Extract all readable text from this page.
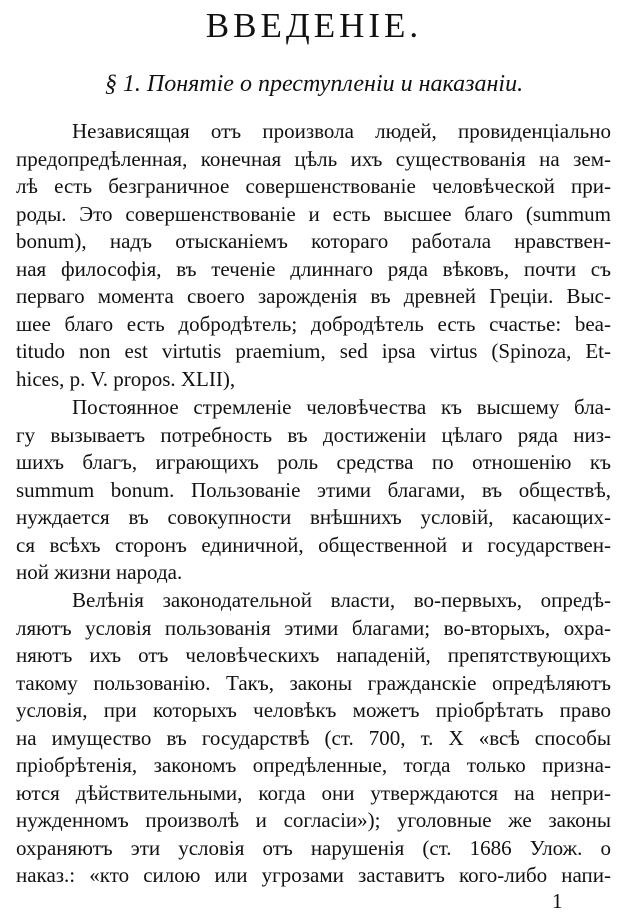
ВВЕДЕНІЕ.
§ 1. Понятіе о преступленіи и наказаніи.
Независящая отъ произвола людей, провиденціально
предопредѣленная, конечная цѣль ихъ существованія на зем-
лѣ есть безграничное совершенствованіе человѣческой при-
роды. Это совершенствованіе и есть высшее благо (summum
bonum), надъ отысканіемъ котораго работала нравствен-
ная философія, въ теченіе длиннаго ряда вѣковъ, почти съ
перваго момента своего зарожденія въ древней Греціи. Выс-
шее благо есть добродѣтель; добродѣтель есть счастье: bea-
titudo non est virtutis praemium, sed ipsa virtus (Spinoza, Et-
hices, p. V. propos. XLII),
Постоянное стремленіе человѣчества къ высшему бла-
гу вызываетъ потребность въ достиженіи цѣлаго ряда низ-
шихъ благъ, играющихъ роль средства по отношенію къ
summum bonum. Пользованіе этими благами, въ обществѣ,
нуждается въ совокупности внѣшнихъ условій, касающих-
ся всѣхъ сторонъ единичной, общественной и государствен-
ной жизни народа.
Велѣнія законодательной власти, во-первыхъ, опредѣ-
ляютъ условія пользованія этими благами; во-вторыхъ, охра-
няютъ ихъ отъ человѣческихъ нападеній, препятствующихъ
такому пользованію. Такъ, законы гражданскіе опредѣляютъ
условія, при которыхъ человѣкъ можетъ пріобрѣтать право
на имущество въ государствѣ (ст. 700, т. X «всѣ способы
пріобрѣтенія, закономъ опредѣленные, тогда только призна-
ются дѣйствительными, когда они утверждаются на непри-
нужденномъ произволѣ и согласіи»); уголовные же законы
охраняютъ эти условія отъ нарушенія (ст. 1686 Улож. о
наказ.: «кто силою или угрозами заставитъ кого-либо напи-
1
